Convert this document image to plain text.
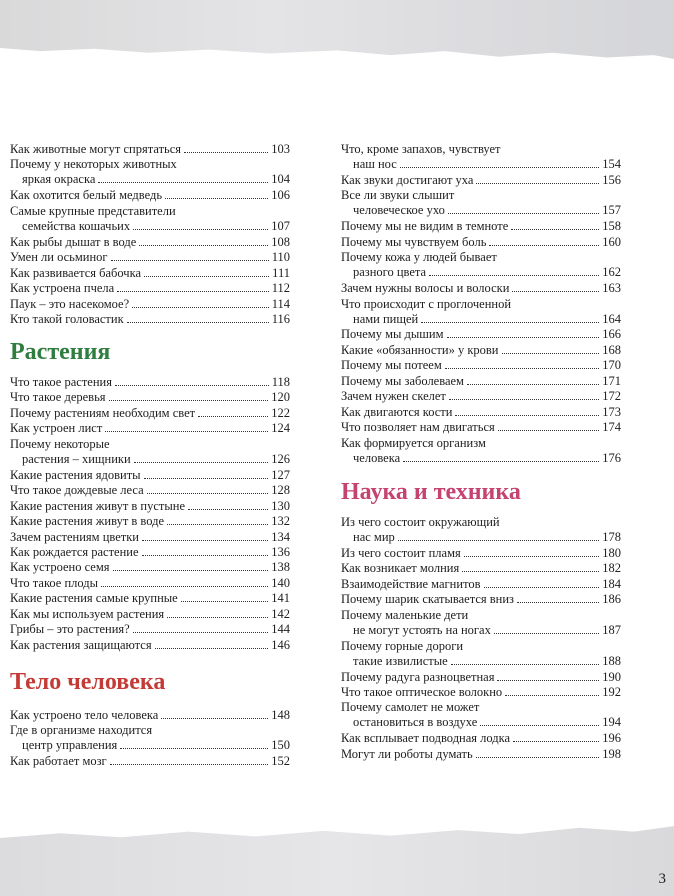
Как животные могут спрятаться	103
Почему у некоторых животных
яркая окраска	104
Как охотится белый медведь	106
Самые крупные представители
семейства кошачьих	107
Как рыбы дышат в воде	108
Умен ли осьминог	110
Как развивается бабочка	111
Как устроена пчела	112
Паук – это насекомое?	114
Кто такой головастик	116
Растения
Что такое растения	118
Что такое деревья	120
Почему растениям необходим свет	122
Как устроен лист	124
Почему некоторые
растения – хищники	126
Какие растения ядовиты	127
Что такое дождевые леса	128
Какие растения живут в пустыне	130
Какие растения живут в воде	132
Зачем растениям цветки	134
Как рождается растение	136
Как устроено семя	138
Что такое плоды	140
Какие растения самые крупные	141
Как мы используем растения	142
Грибы – это растения?	144
Как растения защищаются	146
Тело человека
Как устроено тело человека	148
Где в организме находится
центр управления	150
Как работает мозг	152
Что, кроме запахов, чувствует
наш нос	154
Как звуки достигают уха	156
Все ли звуки слышит
человеческое ухо	157
Почему мы не видим в темноте	158
Почему мы чувствуем боль	160
Почему кожа у людей бывает
разного цвета	162
Зачем нужны волосы и волоски	163
Что происходит с проглоченной
нами пищей	164
Почему мы дышим	166
Какие «обязанности» у крови	168
Почему мы потеем	170
Почему мы заболеваем	171
Зачем нужен скелет	172
Как двигаются кости	173
Что позволяет нам двигаться	174
Как формируется организм
человека	176
Наука и техника
Из чего состоит окружающий
нас мир	178
Из чего состоит пламя	180
Как возникает молния	182
Взаимодействие магнитов	184
Почему шарик скатывается вниз	186
Почему маленькие дети
не могут устоять на ногах	187
Почему горные дороги
такие извилистые	188
Почему радуга разноцветная	190
Что такое оптическое волокно	192
Почему самолет не может
остановиться в воздухе	194
Как всплывает подводная лодка	196
Могут ли роботы думать	198
3
